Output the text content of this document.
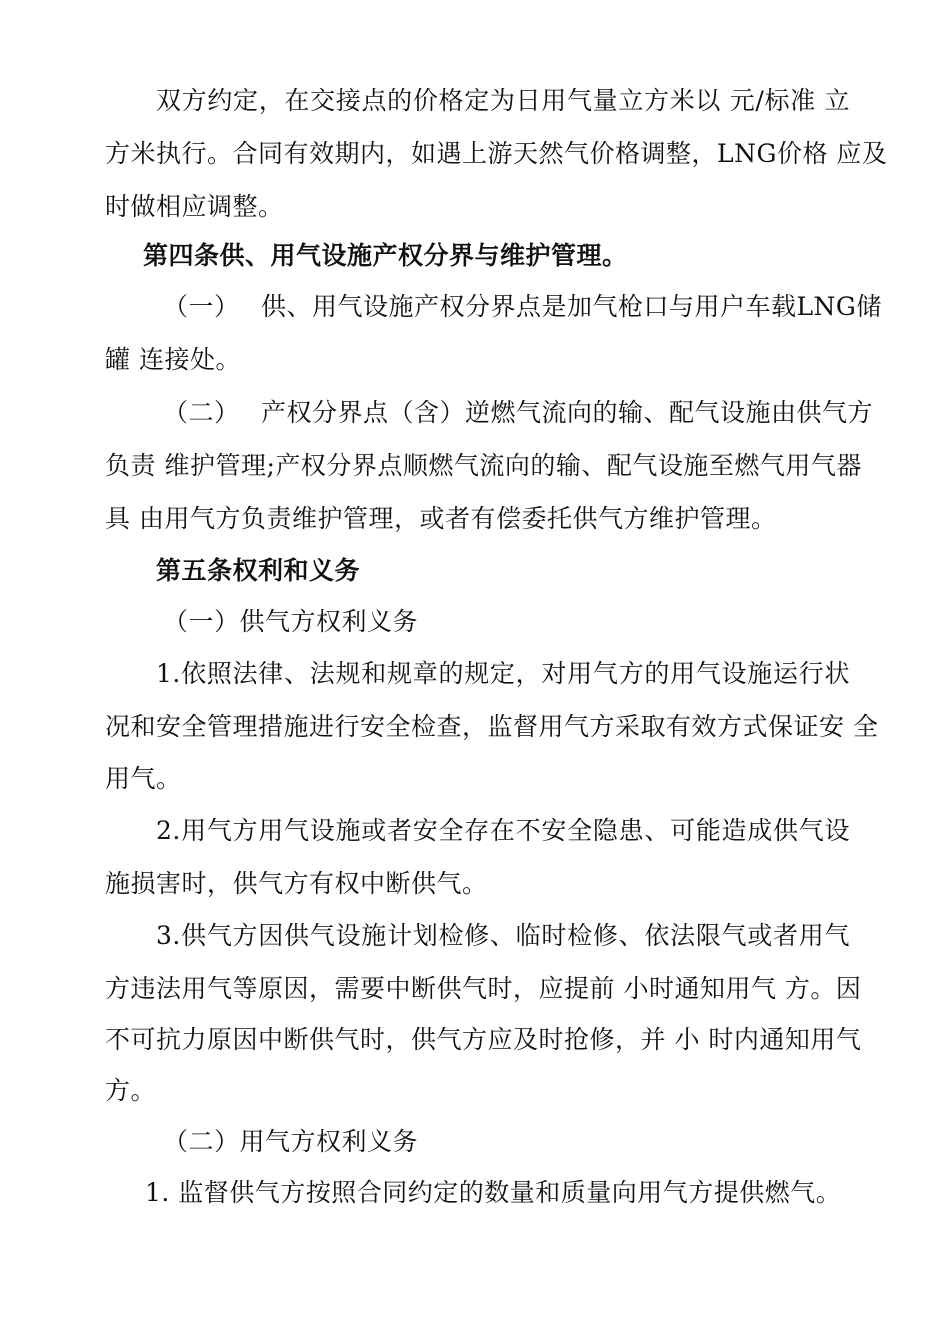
双方约定，在交接点的价格定为日用气量立方米以 元/标准 立
方米执行。合同有效期内，如遇上游天然气价格调整，LNG价格 应及
时做相应调整。
第四条供、用气设施产权分界与维护管理。
（一）　 供、用气设施产权分界点是加气枪口与用户车载LNG储
罐 连接处。
（二）　 产权分界点（含）逆燃气流向的输、配气设施由供气方
负责 维护管理;产权分界点顺燃气流向的输、配气设施至燃气用气器
具 由用气方负责维护管理，或者有偿委托供气方维护管理。
第五条权利和义务
（一）供气方权利义务
1.依照法律、法规和规章的规定，对用气方的用气设施运行状
况和安全管理措施进行安全检查，监督用气方采取有效方式保证安 全
用气。
2.用气方用气设施或者安全存在不安全隐患、可能造成供气设
施损害时，供气方有权中断供气。
3.供气方因供气设施计划检修、临时检修、依法限气或者用气
方违法用气等原因，需要中断供气时，应提前 小时通知用气 方。因
不可抗力原因中断供气时，供气方应及时抢修，并 小 时内通知用气
方。
（二）用气方权利义务
1. 监督供气方按照合同约定的数量和质量向用气方提供燃气。
